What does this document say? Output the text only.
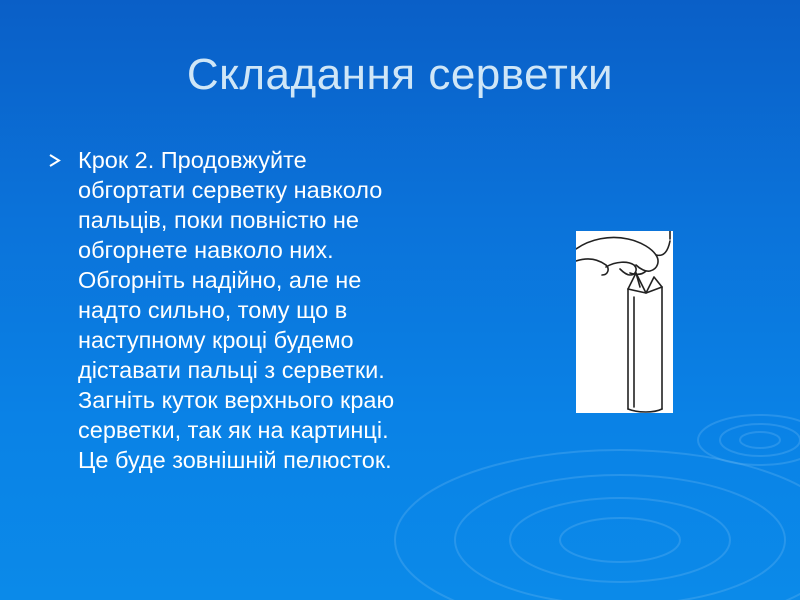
Складання серветки
Крок 2. Продовжуйте
обгортати серветку навколо
пальців, поки повністю не
обгорнете навколо них.
Обгорніть надійно, але не
надто сильно, тому що в
наступному кроці будемо
діставати пальці з серветки.
Загніть куток верхнього краю
серветки, так як на картинці.
Це буде зовнішній пелюсток.
